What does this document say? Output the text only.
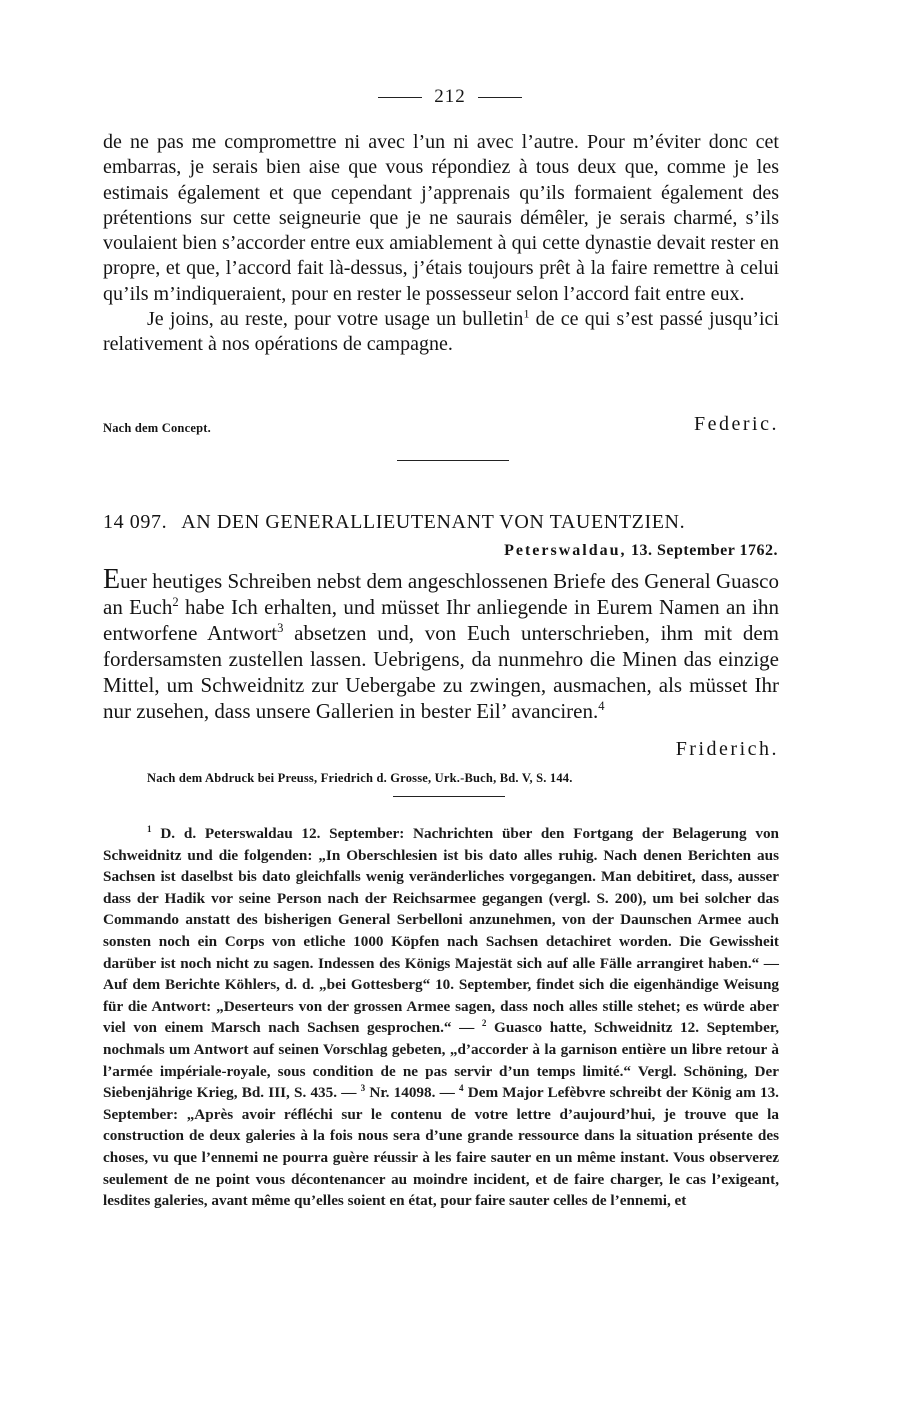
212

de ne pas me compromettre ni avec l’un ni avec l’autre. Pour m’éviter donc cet embarras, je serais bien aise que vous répondiez à tous deux que, comme je les estimais également et que cependant j’apprenais qu’ils formaient également des prétentions sur cette seigneurie que je ne saurais démêler, je serais charmé, s’ils voulaient bien s’accorder entre eux amiablement à qui cette dynastie devait rester en propre, et que, l’accord fait là-dessus, j’étais toujours prêt à la faire remettre à celui qu’ils m’indiqueraient, pour en rester le possesseur selon l’accord fait entre eux.

Je joins, au reste, pour votre usage un bulletin$^1$ de ce qui s’est passé jusqu’ici relativement à nos opérations de campagne.

Nach dem Concept.	Federic.
14 097. AN DEN GENERALLIEUTENANT VON TAUENTZIEN.
Peterswaldau, 13. September 1762.

Euer heutiges Schreiben nebst dem angeschlossenen Briefe des General Guasco an Euch$^2$ habe Ich erhalten, und müsset Ihr anliegende in Eurem Namen an ihn entworfene Antwort$^3$ absetzen und, von Euch unterschrieben, ihm mit dem fordersamsten zustellen lassen. Uebrigens, da nunmehro die Minen das einzige Mittel, um Schweidnitz zur Uebergabe zu zwingen, ausmachen, als müsset Ihr nur zusehen, dass unsere Gallerien in bester Eil’ avanciren.$^4$

Friderich.
Nach dem Abdruck bei Preuss, Friedrich d. Grosse, Urk.-Buch, Bd. V, S. 144.

$^1$ D. d. Peterswaldau 12. September: Nachrichten über den Fortgang der Belagerung von Schweidnitz und die folgenden: „In Oberschlesien ist bis dato alles ruhig. Nach denen Berichten aus Sachsen ist daselbst bis dato gleichfalls wenig veränderliches vorgegangen. Man debitiret, dass, ausser dass der Hadik vor seine Person nach der Reichsarmee gegangen (vergl. S. 200), um bei solcher das Commando anstatt des bisherigen General Serbelloni anzunehmen, von der Daunschen Armee auch sonsten noch ein Corps von etliche 1000 Köpfen nach Sachsen detachiret worden. Die Gewissheit darüber ist noch nicht zu sagen. Indessen des Königs Majestät sich auf alle Fälle arrangiret haben.“ — Auf dem Berichte Köhlers, d. d. „bei Gottesberg“ 10. September, findet sich die eigenhändige Weisung für die Antwort: „Deserteurs von der grossen Armee sagen, dass noch alles stille stehet; es würde aber viel von einem Marsch nach Sachsen gesprochen.“ — $^2$ Guasco hatte, Schweidnitz 12. September, nochmals um Antwort auf seinen Vorschlag gebeten, „d’accorder à la garnison entière un libre retour à l’armée impériale-royale, sous condition de ne pas servir d’un temps limité.“ Vergl. Schöning, Der Siebenjährige Krieg, Bd. III, S. 435. — $^3$ Nr. 14098. — $^4$ Dem Major Lefèbvre schreibt der König am 13. September: „Après avoir réfléchi sur le contenu de votre lettre d’aujourd’hui, je trouve que la construction de deux galeries à la fois nous sera d’une grande ressource dans la situation présente des choses, vu que l’ennemi ne pourra guère réussir à les faire sauter en un même instant. Vous observerez seulement de ne point vous décontenancer au moindre incident, et de faire charger, le cas l’exigeant, lesdites galeries, avant même qu’elles soient en état, pour faire sauter celles de l’ennemi, et
